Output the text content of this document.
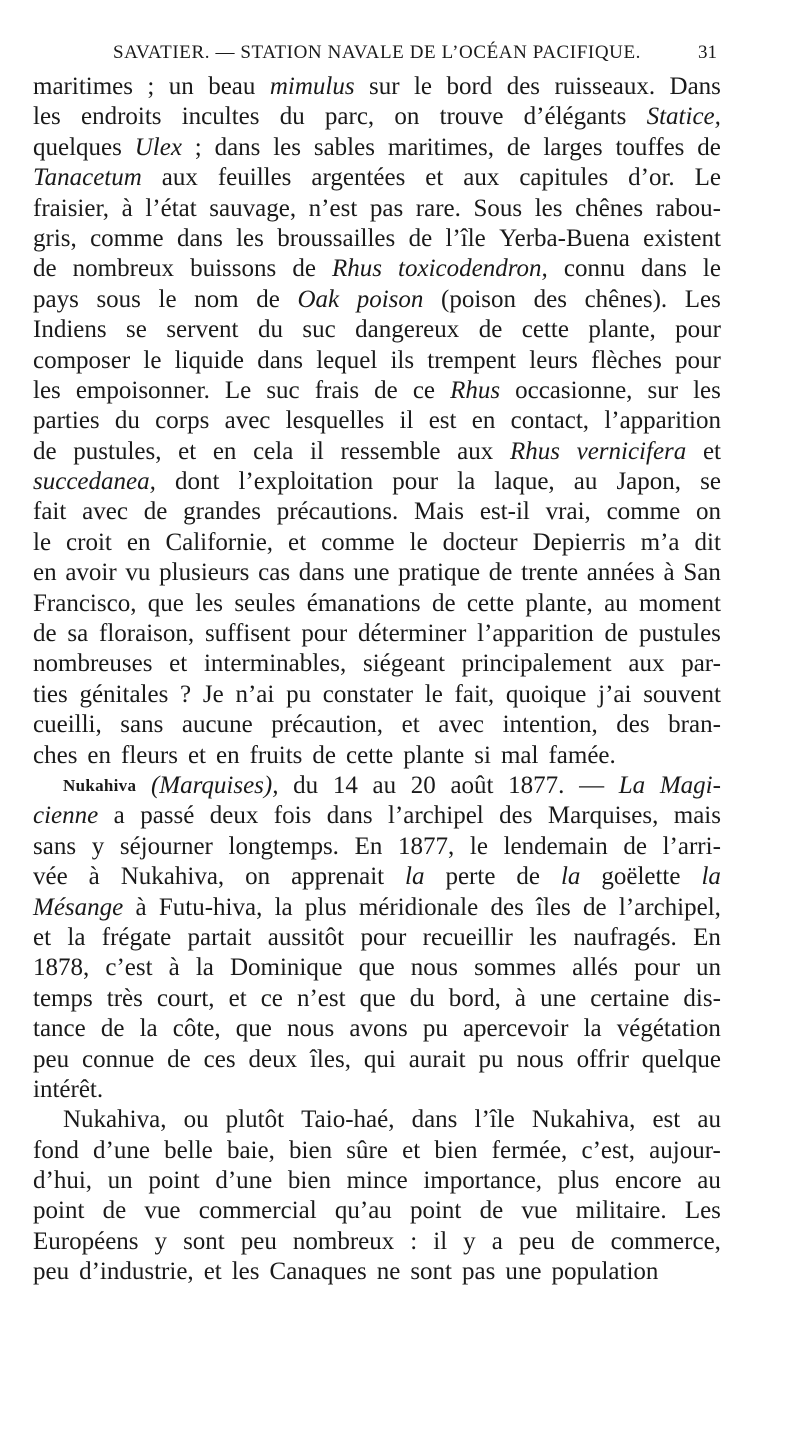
SAVATIER. — STATION NAVALE DE L’OCÉAN PACIFIQUE.	31
maritimes ; un beau mimulus sur le bord des ruisseaux. Dans
les endroits incultes du parc, on trouve d’élégants Statice,
quelques Ulex ; dans les sables maritimes, de larges touffes de
Tanacetum aux feuilles argentées et aux capitules d’or. Le
fraisier, à l’état sauvage, n’est pas rare. Sous les chênes rabou-
gris, comme dans les broussailles de l’île Yerba-Buena existent
de nombreux buissons de Rhus toxicodendron, connu dans le
pays sous le nom de Oak poison (poison des chênes). Les
Indiens se servent du suc dangereux de cette plante, pour
composer le liquide dans lequel ils trempent leurs flèches pour
les empoisonner. Le suc frais de ce Rhus occasionne, sur les
parties du corps avec lesquelles il est en contact, l’apparition
de pustules, et en cela il ressemble aux Rhus vernicifera et
succedanea, dont l’exploitation pour la laque, au Japon, se
fait avec de grandes précautions. Mais est-il vrai, comme on
le croit en Californie, et comme le docteur Depierris m’a dit
en avoir vu plusieurs cas dans une pratique de trente années à San
Francisco, que les seules émanations de cette plante, au moment
de sa floraison, suffisent pour déterminer l’apparition de pustules
nombreuses et interminables, siégeant principalement aux par-
ties génitales ? Je n’ai pu constater le fait, quoique j’ai souvent
cueilli, sans aucune précaution, et avec intention, des bran-
ches en fleurs et en fruits de cette plante si mal famée.
Nukahiva (Marquises), du 14 au 20 août 1877. — La Magi-
cienne a passé deux fois dans l’archipel des Marquises, mais
sans y séjourner longtemps. En 1877, le lendemain de l’arri-
vée à Nukahiva, on apprenait la perte de la goëlette la
Mésange à Futu-hiva, la plus méridionale des îles de l’archipel,
et la frégate partait aussitôt pour recueillir les naufragés. En
1878, c’est à la Dominique que nous sommes allés pour un
temps très court, et ce n’est que du bord, à une certaine dis-
tance de la côte, que nous avons pu apercevoir la végétation
peu connue de ces deux îles, qui aurait pu nous offrir quelque
intérêt.
Nukahiva, ou plutôt Taio-haé, dans l’île Nukahiva, est au
fond d’une belle baie, bien sûre et bien fermée, c’est, aujour-
d’hui, un point d’une bien mince importance, plus encore au
point de vue commercial qu’au point de vue militaire. Les
Européens y sont peu nombreux : il y a peu de commerce,
peu d’industrie, et les Canaques ne sont pas une population
